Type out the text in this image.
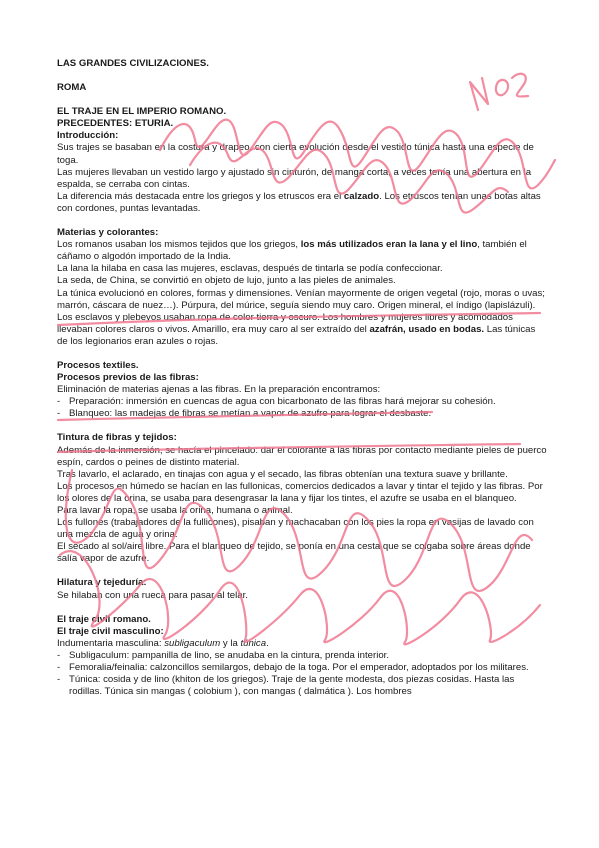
LAS GRANDES CIVILIZACIONES.

ROMA

EL TRAJE EN EL IMPERIO ROMANO.

PRECEDENTES: ETURIA.

Introducción:

Sus trajes se basaban en la costura y drapeo, con cierta evolución desde el vestido túnica hasta una especie de toga.

Las mujeres llevaban un vestido largo y ajustado sin cinturón, de manga corta, a veces tenía una abertura en la espalda, se cerraba con cintas.

La diferencia más destacada entre los griegos y los etruscos era el calzado. Los etruscos tenían unas botas altas con cordones, puntas levantadas.

Materias y colorantes:

Los romanos usaban los mismos tejidos que los griegos, los más utilizados eran la lana y el lino, también el cáñamo o algodón importado de la India.

La lana la hilaba en casa las mujeres, esclavas, después de tintarla se podía confeccionar.

La seda, de China, se convirtió en objeto de lujo, junto a las pieles de animales.

La túnica evolucionó en colores, formas y dimensiones. Venían mayormente de origen vegetal (rojo, moras o uvas; marrón, cáscara de nuez…). Púrpura, del múrice, seguía siendo muy caro. Origen mineral, el índigo (lapislázuli).

Los esclavos y plebeyos usaban ropa de color tierra y oscuro. Los hombres y mujeres libres y acomodados llevaban colores claros o vivos. Amarillo, era muy caro al ser extraído del azafrán, usado en bodas. Las túnicas de los legionarios eran azules o rojas.

Procesos textiles.

Procesos previos de las fibras:

Eliminación de materias ajenas a las fibras. En la preparación encontramos:

- Preparación: inmersión en cuencas de agua con bicarbonato de las fibras hará mejorar su cohesión.
- Blanqueo: las madejas de fibras se metían a vapor de azufre para lograr el desbaste.

Tintura de fibras y tejidos:

Además de la inmersión, se hacía el pincelado: dar el colorante a las fibras por contacto mediante pieles de puerco espín, cardos o peines de distinto material.

Tras lavarlo, el aclarado, en tinajas con agua y el secado, las fibras obtenían una textura suave y brillante.

Los procesos en húmedo se hacían en las fullonicas, comercios dedicados a lavar y tintar el tejido y las fibras. Por los olores de la orina, se usaba para desengrasar la lana y fijar los tintes, el azufre se usaba en el blanqueo.

Para lavar la ropa, se usaba la orina, humana o animal.

Los fullones (trabajadores de la fullicones), pisaban y machacaban con los pies la ropa en vasijas de lavado con una mezcla de agua y orina.

El secado al sol/aire libre. Para el blanqueo de tejido, se ponía en una cesta que se colgaba sobre áreas donde salía vapor de azufre.

Hilatura y tejeduría:

Se hilaban con una rueca para pasar al telar.

El traje civil romano.

El traje civil masculino:

Indumentaria masculina: subligaculum y la túnica.

- Subligaculum: pampanilla de lino, se anudaba en la cintura, prenda interior.
- Femoralia/feinalia: calzoncillos semilargos, debajo de la toga. Por el emperador, adoptados por los militares.
- Túnica: cosida y de lino (khiton de los griegos). Traje de la gente modesta, dos piezas cosidas. Hasta las rodillas. Túnica sin mangas ( colobium ), con mangas ( dalmática ). Los hombres
